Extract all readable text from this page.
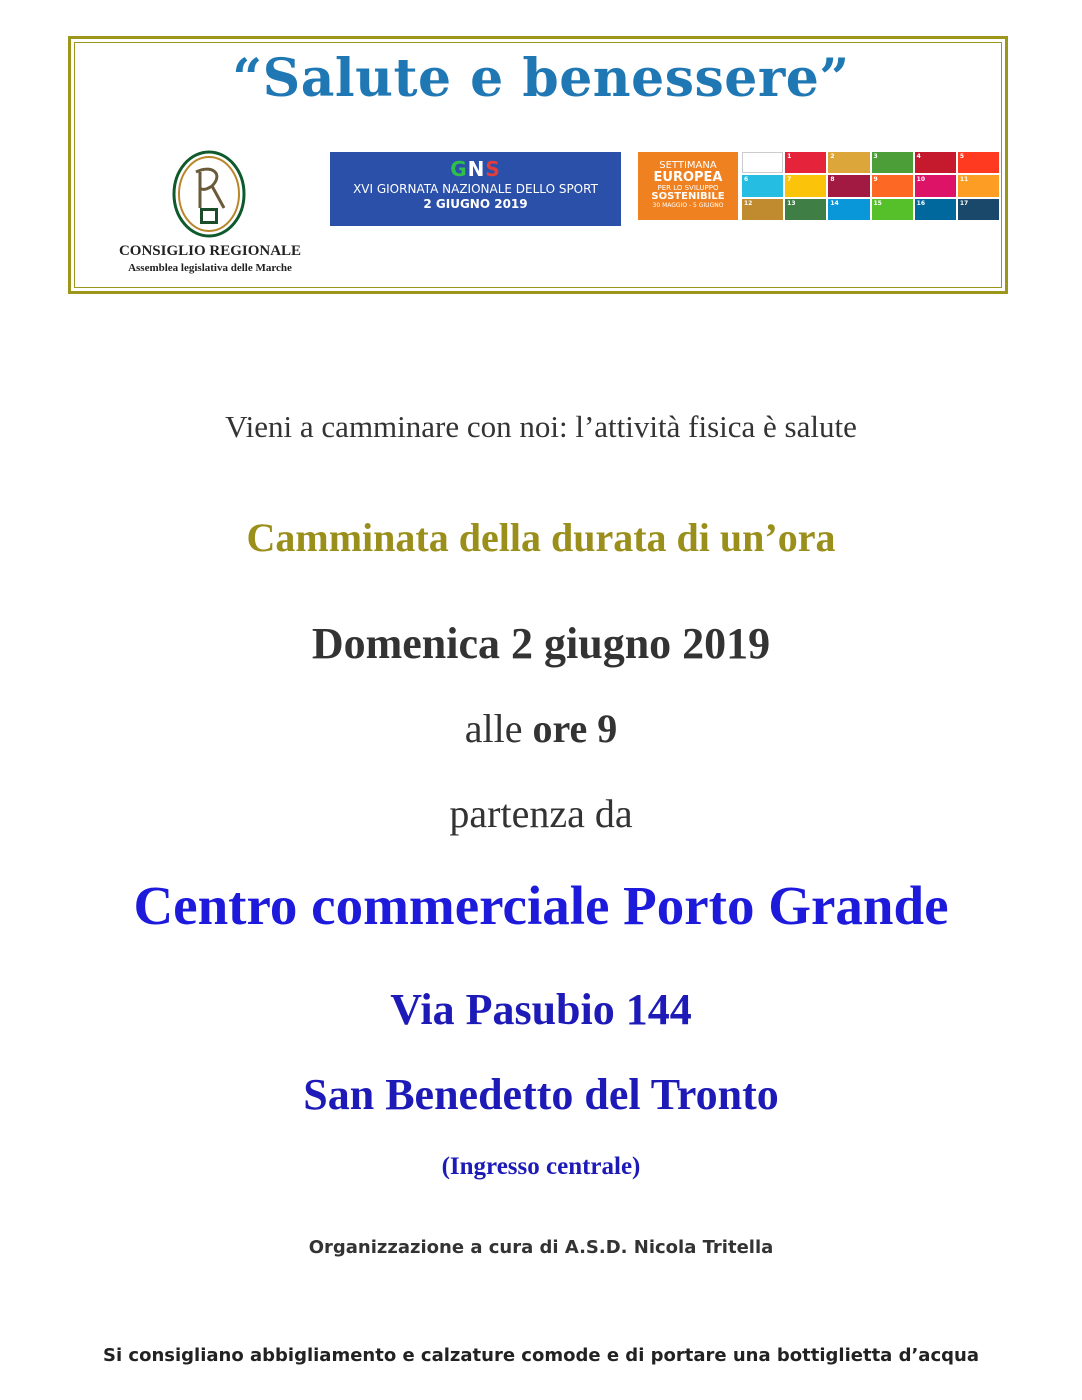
“Salute e benessere”
CONSIGLIO REGIONALE
Assemblea legislativa delle Marche
GNS
XVI GIORNATA NAZIONALE DELLO SPORT
2 GIUGNO 2019
SETTIMANA
EUROPEA
PER LO SVILUPPO
SOSTENIBILE
30 MAGGIO - 5 GIUGNO
1	2	3	4	5
6	7	8	9	10	11
12	13	14	15	16	17
Vieni a camminare con noi: l’attività fisica è salute
Camminata della durata di un’ora
Domenica 2 giugno 2019
alle ore 9
partenza da
Centro commerciale Porto Grande
Via Pasubio 144
San Benedetto del Tronto
(Ingresso centrale)
Organizzazione a cura di A.S.D. Nicola Tritella
Si consigliano abbigliamento e calzature comode e di portare una bottiglietta d’acqua
